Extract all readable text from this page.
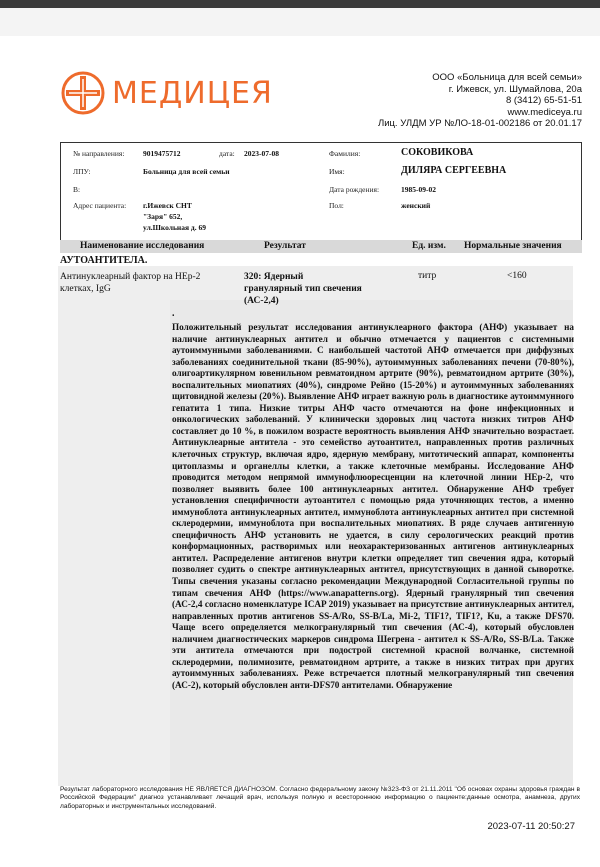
МЕДИЦЕЯ	ООО «Больница для всей семьи»
г. Ижевск, ул. Шумайлова, 20а
8 (3412) 65-51-51
www.mediceya.ru
Лиц. УЛДМ УР №ЛО-18-01-002186 от 20.01.17
№ направления: 9019475712	дата: 2023-07-08	Фамилия:	СОКОВИКОВА
ЛПУ:	Больница для всей семьи	Имя:	ДИЛЯРА СЕРГЕЕВНА
В:	Дата рождения:	1985-09-02
Адрес пациента: г.Ижевск СНТ
"Заря" 652,
ул.Школьная д. 69
Пол:	женский
Наименование исследования	Результат	Ед. изм. Нормальные значения
АУТОАНТИТЕЛА.
Антинуклеарный фактор на НЕр-2 клетках, IgG
320: Ядерный гранулярный тип свечения (АС-2,4)
титр	<160
.

Положительный результат исследования антинуклеарного фактора (АНФ) указывает на наличие антинуклеарных антител и обычно отмечается у пациентов с системными аутоиммунными заболеваниями. С наибольшей частотой АНФ отмечается при диффузных заболеваниях соединительной ткани (85-90%), аутоиммунных заболеваниях печени (70-80%), олигоартикулярном ювенильном ревматоидном артрите (90%), ревматоидном артрите (30%), воспалительных миопатиях (40%), синдроме Рейно (15-20%) и аутоиммунных заболеваниях щитовидной железы (20%). Выявление АНФ играет важную роль в диагностике аутоиммунного гепатита 1 типа. Низкие титры АНФ часто отмечаются на фоне инфекционных и онкологических заболеваний. У клинически здоровых лиц частота низких титров АНФ составляет до 10 %, в пожилом возрасте вероятность выявления АНФ значительно возрастает. Антинуклеарные антитела - это семейство аутоантител, направленных против различных клеточных структур, включая ядро, ядерную мембрану, митотический аппарат, компоненты цитоплазмы и органеллы клетки, а также клеточные мембраны. Исследование АНФ проводится методом непрямой иммунофлюоресценции на клеточной линии НЕр-2, что позволяет выявить более 100 антинуклеарных антител. Обнаружение АНФ требует установления специфичности аутоантител с помощью ряда уточняющих тестов, а именно иммуноблота антинуклеарных антител, иммуноблота антинуклеарных антител при системной склеродермии, иммуноблота при воспалительных миопатиях. В ряде случаев антигенную специфичность АНФ установить не удается, в силу серологических реакций против конформационных, растворимых или неохарактеризованных антигенов антинуклеарных антител. Распределение антигенов внутри клетки определяет тип свечения ядра, который позволяет судить о спектре антинуклеарных антител, присутствующих в данной сыворотке. Типы свечения указаны согласно рекомендации Международной Согласительной группы по типам свечения АНФ (https://www.anapatterns.org). Ядерный гранулярный тип свечения (АС-2,4 согласно номенклатуре ICAP 2019) указывает на присутствие антинуклеарных антител, направленных против антигенов SS-A/Ro, SS-B/La, Mi-2, TIF1?, TIF1?, Ku, а также DFS70. Чаще всего определяется мелкогранулярный тип свечения (АС-4), который обусловлен наличием диагностических маркеров синдрома Шегрена - антител к SS-A/Ro, SS-B/La. Также эти антитела отмечаются при подострой системной красной волчанке, системной склеродермии, полимиозите, ревматоидном артрите, а также в низких титрах при других аутоиммунных заболеваниях. Реже встречается плотный мелкогранулярный тип свечения (АС-2), который обусловлен анти-DFS70 антителами. Обнаружение

Результат лабораторного исследования НЕ ЯВЛЯЕТСЯ ДИАГНОЗОМ. Согласно федеральному закону №323-ФЗ от 21.11.2011 "Об основах охраны здоровья граждан в Российской Федерации" диагноз устанавливает лечащий врач, используя полную и всестороннюю информацию о пациенте:данные осмотра, анамнеза, других лабораторных и инструментальных исследований.
2023-07-11 20:50:27
